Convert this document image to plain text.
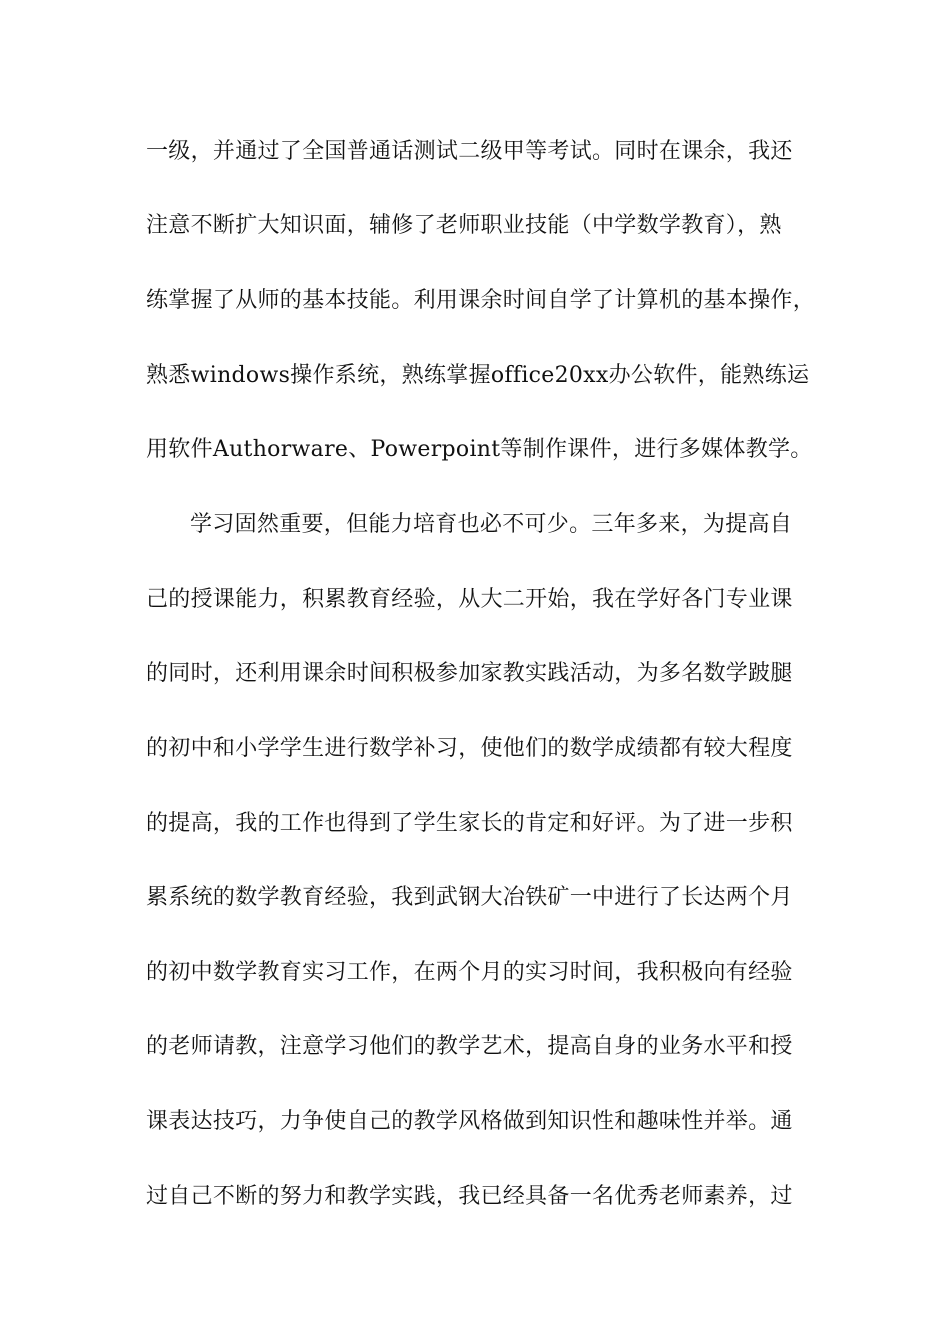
一级，并通过了全国普通话测试二级甲等考试。同时在课余，我还
注意不断扩大知识面，辅修了老师职业技能（中学数学教育），熟
练掌握了从师的基本技能。利用课余时间自学了计算机的基本操作，
熟悉windows操作系统，熟练掌握office20xx办公软件，能熟练运
用软件Authorware、Powerpoint等制作课件，进行多媒体教学。
学习固然重要，但能力培育也必不可少。三年多来，为提高自
己的授课能力，积累教育经验，从大二开始，我在学好各门专业课
的同时，还利用课余时间积极参加家教实践活动，为多名数学跛腿
的初中和小学学生进行数学补习，使他们的数学成绩都有较大程度
的提高，我的工作也得到了学生家长的肯定和好评。为了进一步积
累系统的数学教育经验，我到武钢大冶铁矿一中进行了长达两个月
的初中数学教育实习工作，在两个月的实习时间，我积极向有经验
的老师请教，注意学习他们的教学艺术，提高自身的业务水平和授
课表达技巧，力争使自己的教学风格做到知识性和趣味性并举。通
过自己不断的努力和教学实践，我已经具备一名优秀老师素养，过
